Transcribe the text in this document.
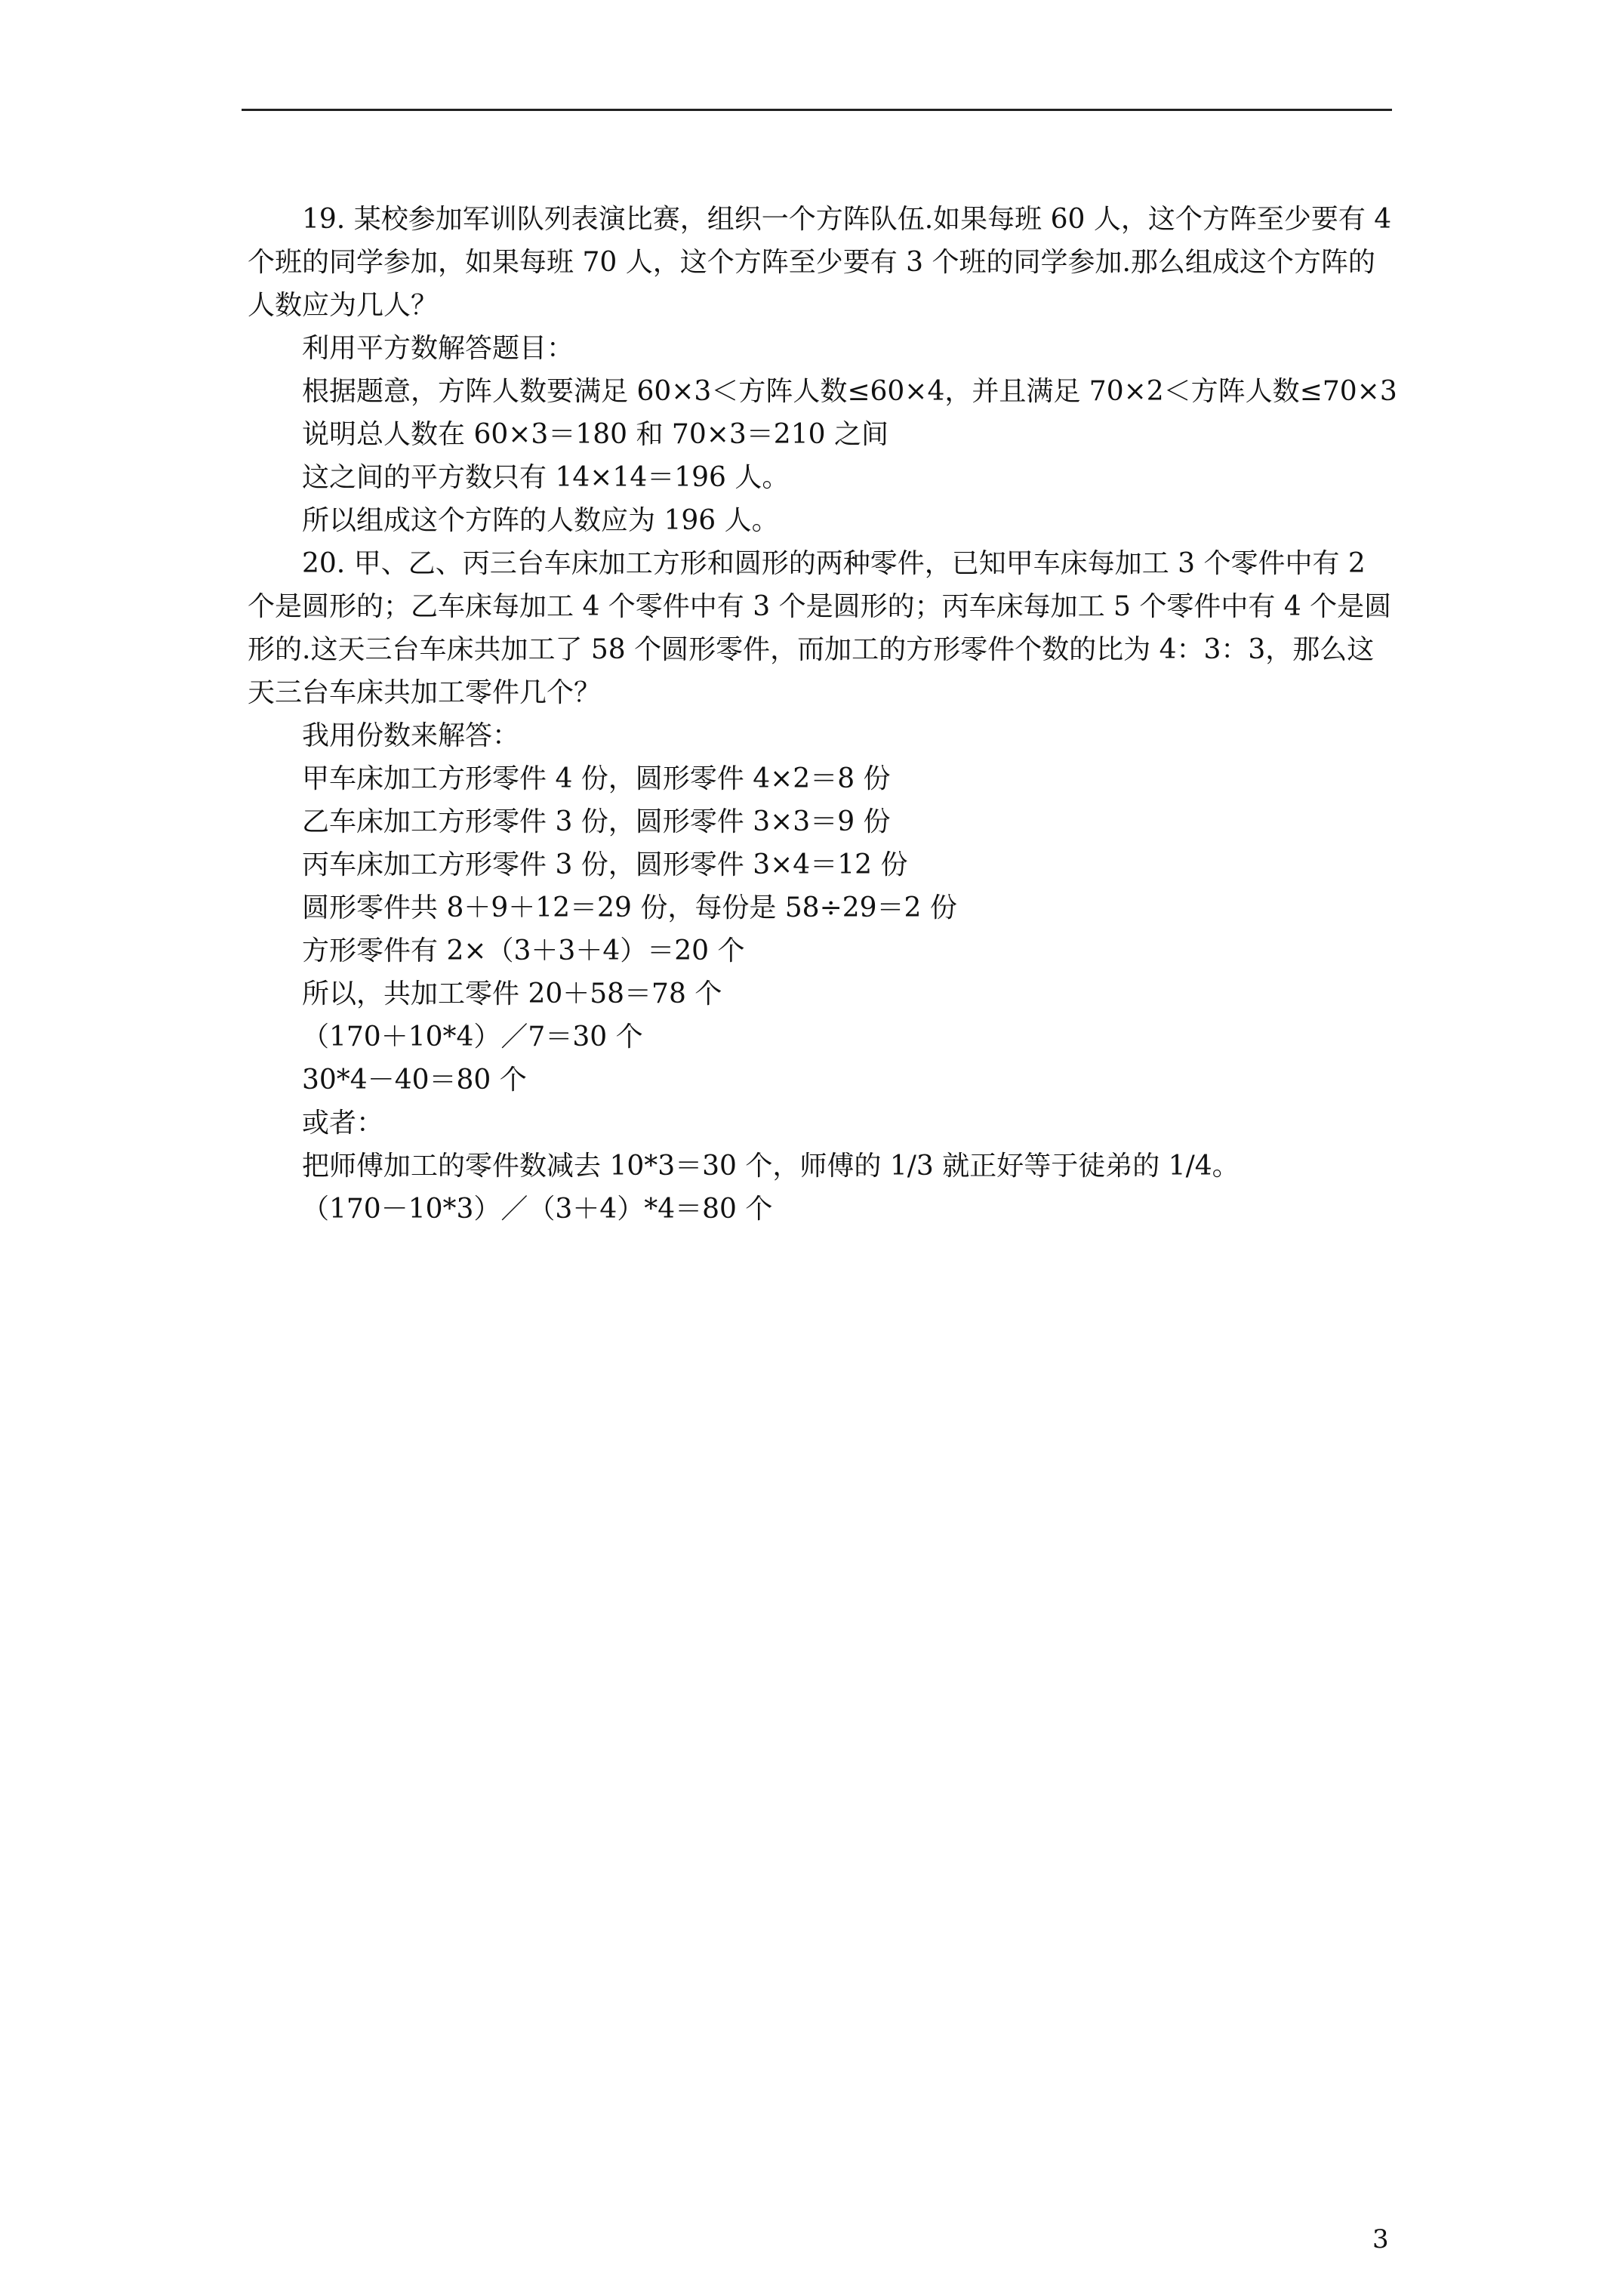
19. 某校参加军训队列表演比赛，组织一个方阵队伍.如果每班 60 人，这个方阵至少要有 4 个班的同学参加，如果每班 70 人，这个方阵至少要有 3 个班的同学参加.那么组成这个方阵的人数应为几人？

利用平方数解答题目：

根据题意，方阵人数要满足 60×3＜方阵人数≤60×4，并且满足 70×2＜方阵人数≤70×3

说明总人数在 60×3＝180 和 70×3＝210 之间

这之间的平方数只有 14×14＝196 人。

所以组成这个方阵的人数应为 196 人。

20. 甲、乙、丙三台车床加工方形和圆形的两种零件，已知甲车床每加工 3 个零件中有 2 个是圆形的；乙车床每加工 4 个零件中有 3 个是圆形的；丙车床每加工 5 个零件中有 4 个是圆形的.这天三台车床共加工了 58 个圆形零件，而加工的方形零件个数的比为 4：3：3，那么这天三台车床共加工零件几个？

我用份数来解答：

甲车床加工方形零件 4 份，圆形零件 4×2＝8 份

乙车床加工方形零件 3 份，圆形零件 3×3＝9 份

丙车床加工方形零件 3 份，圆形零件 3×4＝12 份

圆形零件共 8＋9＋12＝29 份，每份是 58÷29＝2 份

方形零件有 2×（3＋3＋4）＝20 个

所以，共加工零件 20＋58＝78 个

（170＋10*4）／7＝30 个

30*4－40＝80 个

或者：

把师傅加工的零件数减去 10*3＝30 个，师傅的 1/3 就正好等于徒弟的 1/4。

（170－10*3）／（3＋4）*4＝80 个

3
